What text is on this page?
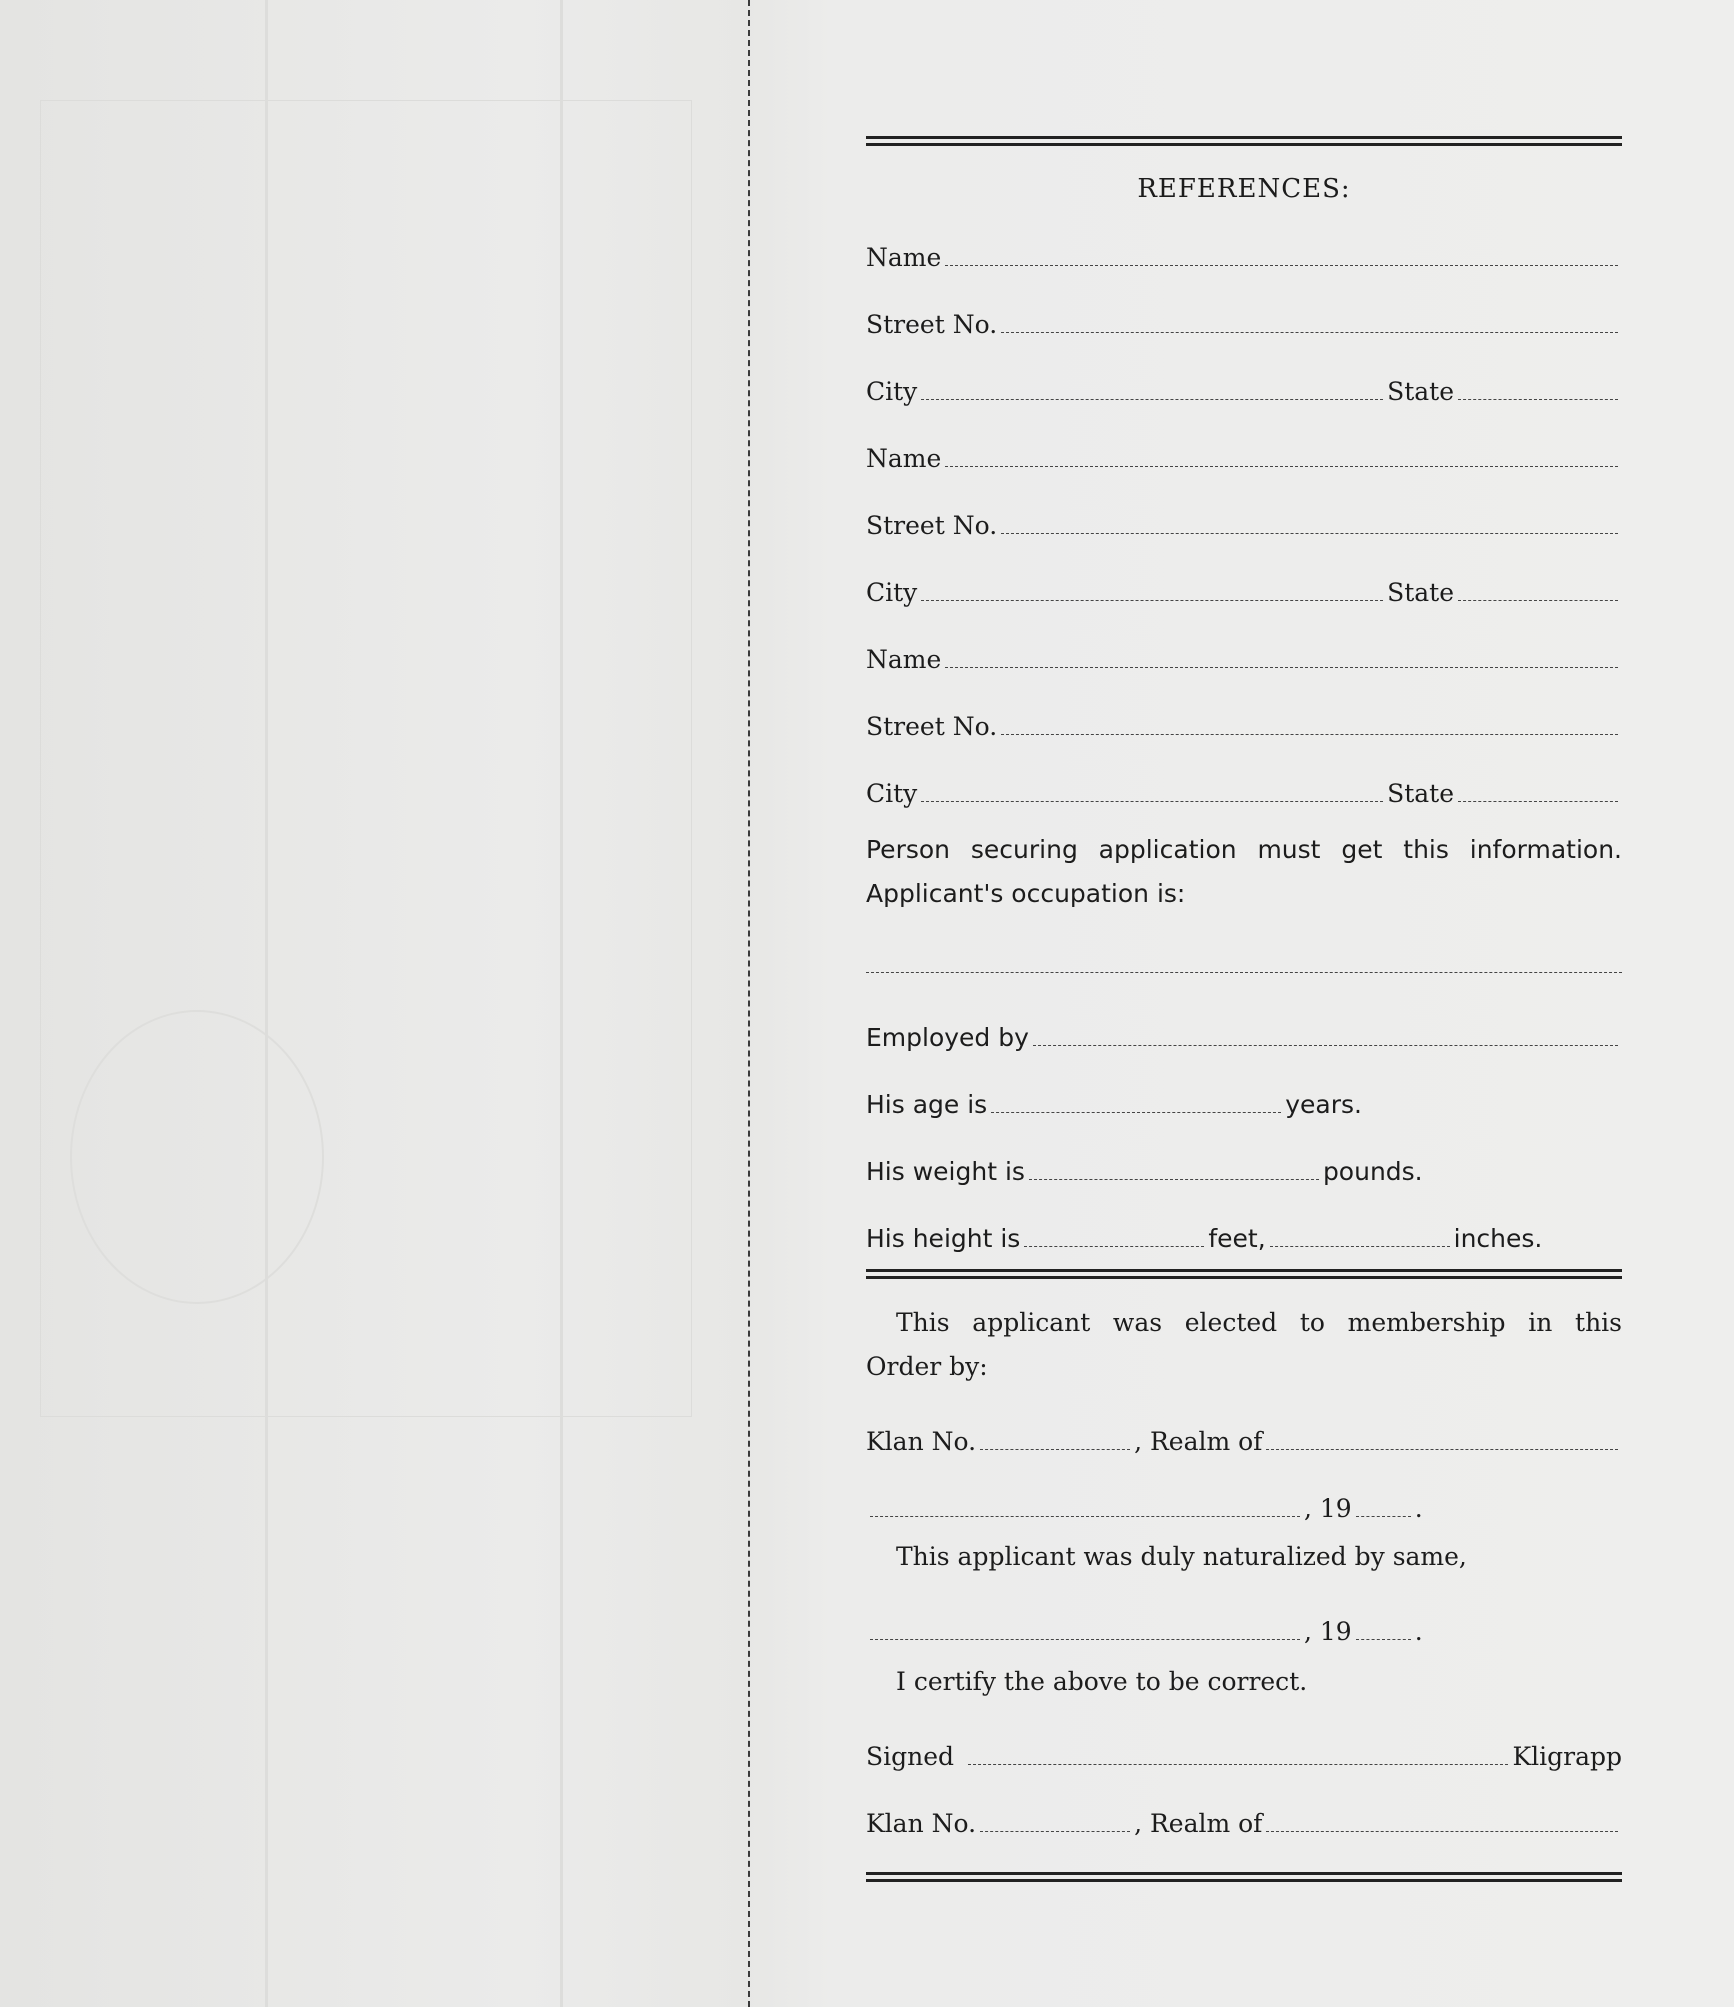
REFERENCES:
Name
Street No.
City	State
Name
Street No.
City	State
Name
Street No.
City	State
Person securing application must get this information.
Applicant's occupation is:
Employed by
His age is	years.
His weight is	pounds.
His height is	feet,	inches.
This applicant was elected to membership in this
Order by:
Klan No.	, Realm of
, 19	.
This applicant was duly naturalized by same,
, 19	.
I certify the above to be correct.
Signed	Kligrapp
Klan No.	, Realm of
